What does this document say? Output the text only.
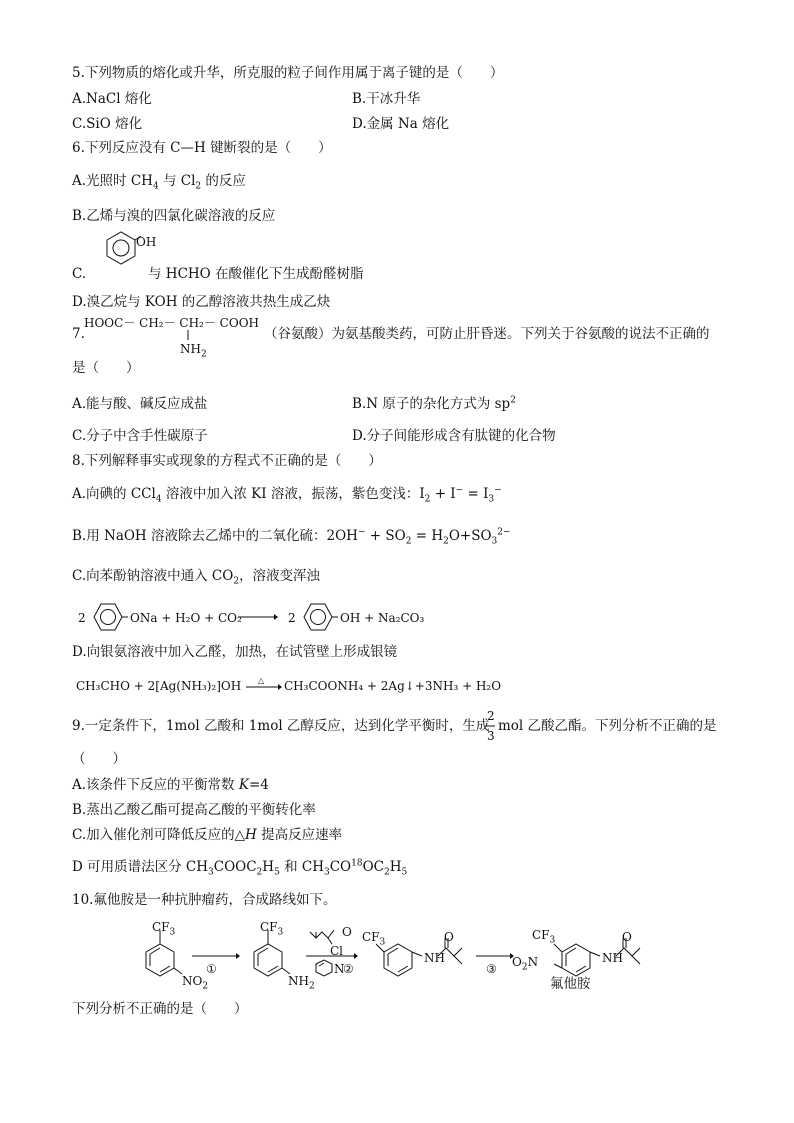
5.下列物质的熔化或升华，所克服的粒子间作用属于离子键的是（　　）
A.NaCl 熔化	B.干冰升华
C.SiO 熔化	D.金属 Na 熔化
6.下列反应没有 C—H 键断裂的是（　　）
A.光照时 $CH_4$ 与 $Cl_2$ 的反应
B.乙烯与溴的四氯化碳溶液的反应
C.
OH
与 HCHO 在酸催化下生成酚醛树脂
D.溴乙烷与 KOH 的乙醇溶液共热生成乙炔
7.
HOOC－ CH₂－ CH₂－ COOH
$NH_2$
（谷氨酸）为氨基酸类药，可防止肝昏迷。下列关于谷氨酸的说法不正确的
是（　　）
A.能与酸、碱反应成盐	B.N 原子的杂化方式为 $sp^2$
C.分子中含手性碳原子	D.分子间能形成含有肽键的化合物
8.下列解释事实或现象的方程式不正确的是（　　）
A.向碘的 CCl$_4$ 溶液中加入浓 KI 溶液，振荡，紫色变浅：$I_2 + I^- = I_3^-$
B.用 NaOH 溶液除去乙烯中的二氧化硫：$2OH^- + SO_2 = H_2O+SO_3^{2-}$
C.向苯酚钠溶液中通入 $CO_2$，溶液变浑浊
2	ONa + H₂O + CO₂	2	OH + Na₂CO₃
D.向银氨溶液中加入乙醛，加热，在试管壁上形成银镜
CH₃CHO + 2[Ag(NH₃)₂]OH △ CH₃COONH₄ + 2Ag↓+3NH₃ + H₂O
9.一定条件下，1mol 乙酸和 1mol 乙醇反应，达到化学平衡时，生成
2
3
mol 乙酸乙酯。下列分析不正确的是
（　　）
A.该条件下反应的平衡常数 K=4
B.蒸出乙酸乙酯可提高乙酸的平衡转化率
C.加入催化剂可降低反应的△H 提高反应速率
D 可用质谱法区分 $CH_3COOC_2H_5$ 和 $CH_3CO^{18}OC_2H_5$
10.氟他胺是一种抗肿瘤药，合成路线如下。
$CF_3$
$NO_2$
①
$CF_3$
$NH_2$
O
Cl
N
②
$CF_3$
NH
O
③
$CF_3$
$O_2N$	NH
O
氟他胺
下列分析不正确的是（　　）
